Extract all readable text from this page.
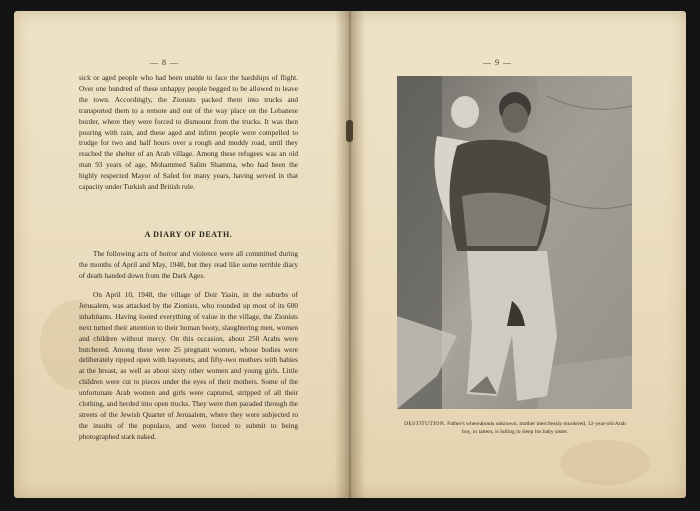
— 8 —	— 9 —

sick or aged people who had been unable to face the hardships of flight. Over one hundred of these unhappy people begged to be allowed to leave the town. Accordingly, the Zionists packed them into trucks and transported them to a remote and out of the way place on the Lebanese border, where they were forced to dismount from the trucks. It was then pouring with rain, and these aged and infirm people were compelled to trudge for two and half hours over a rough and muddy road, until they reached the shelter of an Arab village. Among these refugees was an old man 93 years of age, Mohammed Salim Shamma, who had been the highly respected Mayor of Safed for many years, having served in that capacity under Turkish and British rule.

A DIARY OF DEATH.

The following acts of horror and violence were all committed during the months of April and May, 1948, but they read like some terrible diary of death handed down from the Dark Ages.

On April 10, 1948, the village of Deir Yasin, in the suburbs of Jerusalem, was attacked by the Zionists, who rounded up most of its 600 inhabitants. Having looted everything of value in the village, the Zionists next turned their attention to their human booty, slaughtering men, women and children without mercy. On this occasion, about 250 Arabs were butchered. Among these were 25 pregnant women, whose bodies were deliberately ripped open with bayonets, and fifty-two mothers with babies at the breast, as well as about sixty other women and young girls. Little children were cut to pieces under the eyes of their mothers. Some of the unfortunate Arab women and girls were captured, stripped of all their clothing, and herded into open trucks. They were then paraded through the streets of the Jewish Quarter of Jerusalem, where they were subjected to the insults of the populace, and were forced to submit to being photographed stark naked.

DESTITUTION. Father's whereabouts unknown, mother mercilessly murdered, 12-year-old Arab boy, in tatters, is lulling to sleep his baby sister.
